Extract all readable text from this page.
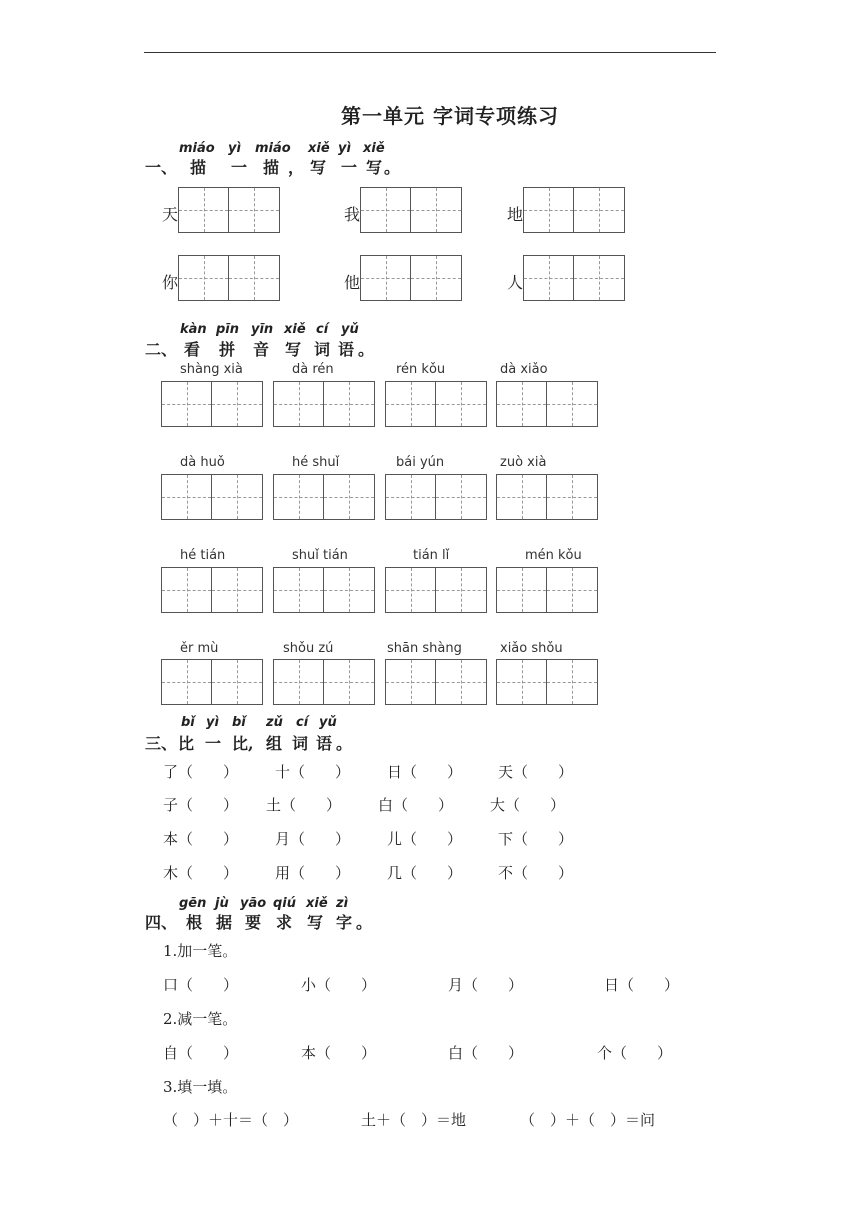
第一单元 字词专项练习
一、
miáo yì miáo xiě yì xiě
描 一 描 ， 写 一 写 。
天	我	地
你	他	人
二、
kàn pīn yīn xiě cí yǔ
看 拼 音 写 词 语 。
shàng xià	dà rén	rén kǒu	dà xiǎo
dà huǒ	hé shuǐ	bái yún	zuò xià
hé tián	shuǐ tián	tián lǐ	mén kǒu
ěr mù	shǒu zú	shān shàng	xiǎo shǒu
三、
bǐ yì bǐ zǔ cí yǔ
比 一 比, 组 词 语 。
了（　　） 十（　　） 日（　　） 天（　　）
子（　　） 土（　　） 白（　　） 大（　　）
本（　　） 月（　　） 儿（　　） 下（　　）
木（　　） 用（　　） 几（　　） 不（　　）
四、
gēn jù yāo qiú xiě zì
根 据 要 求 写 字 。
1.加一笔。
口（　　）	小（　　）	月（　　）	日（　　）
2.减一笔。
自（　　）	本（　　）	白（　　）	个（　　）
3.填一填。
（　）＋十＝（　）	土＋（　）＝地	（　）＋（　）＝问
